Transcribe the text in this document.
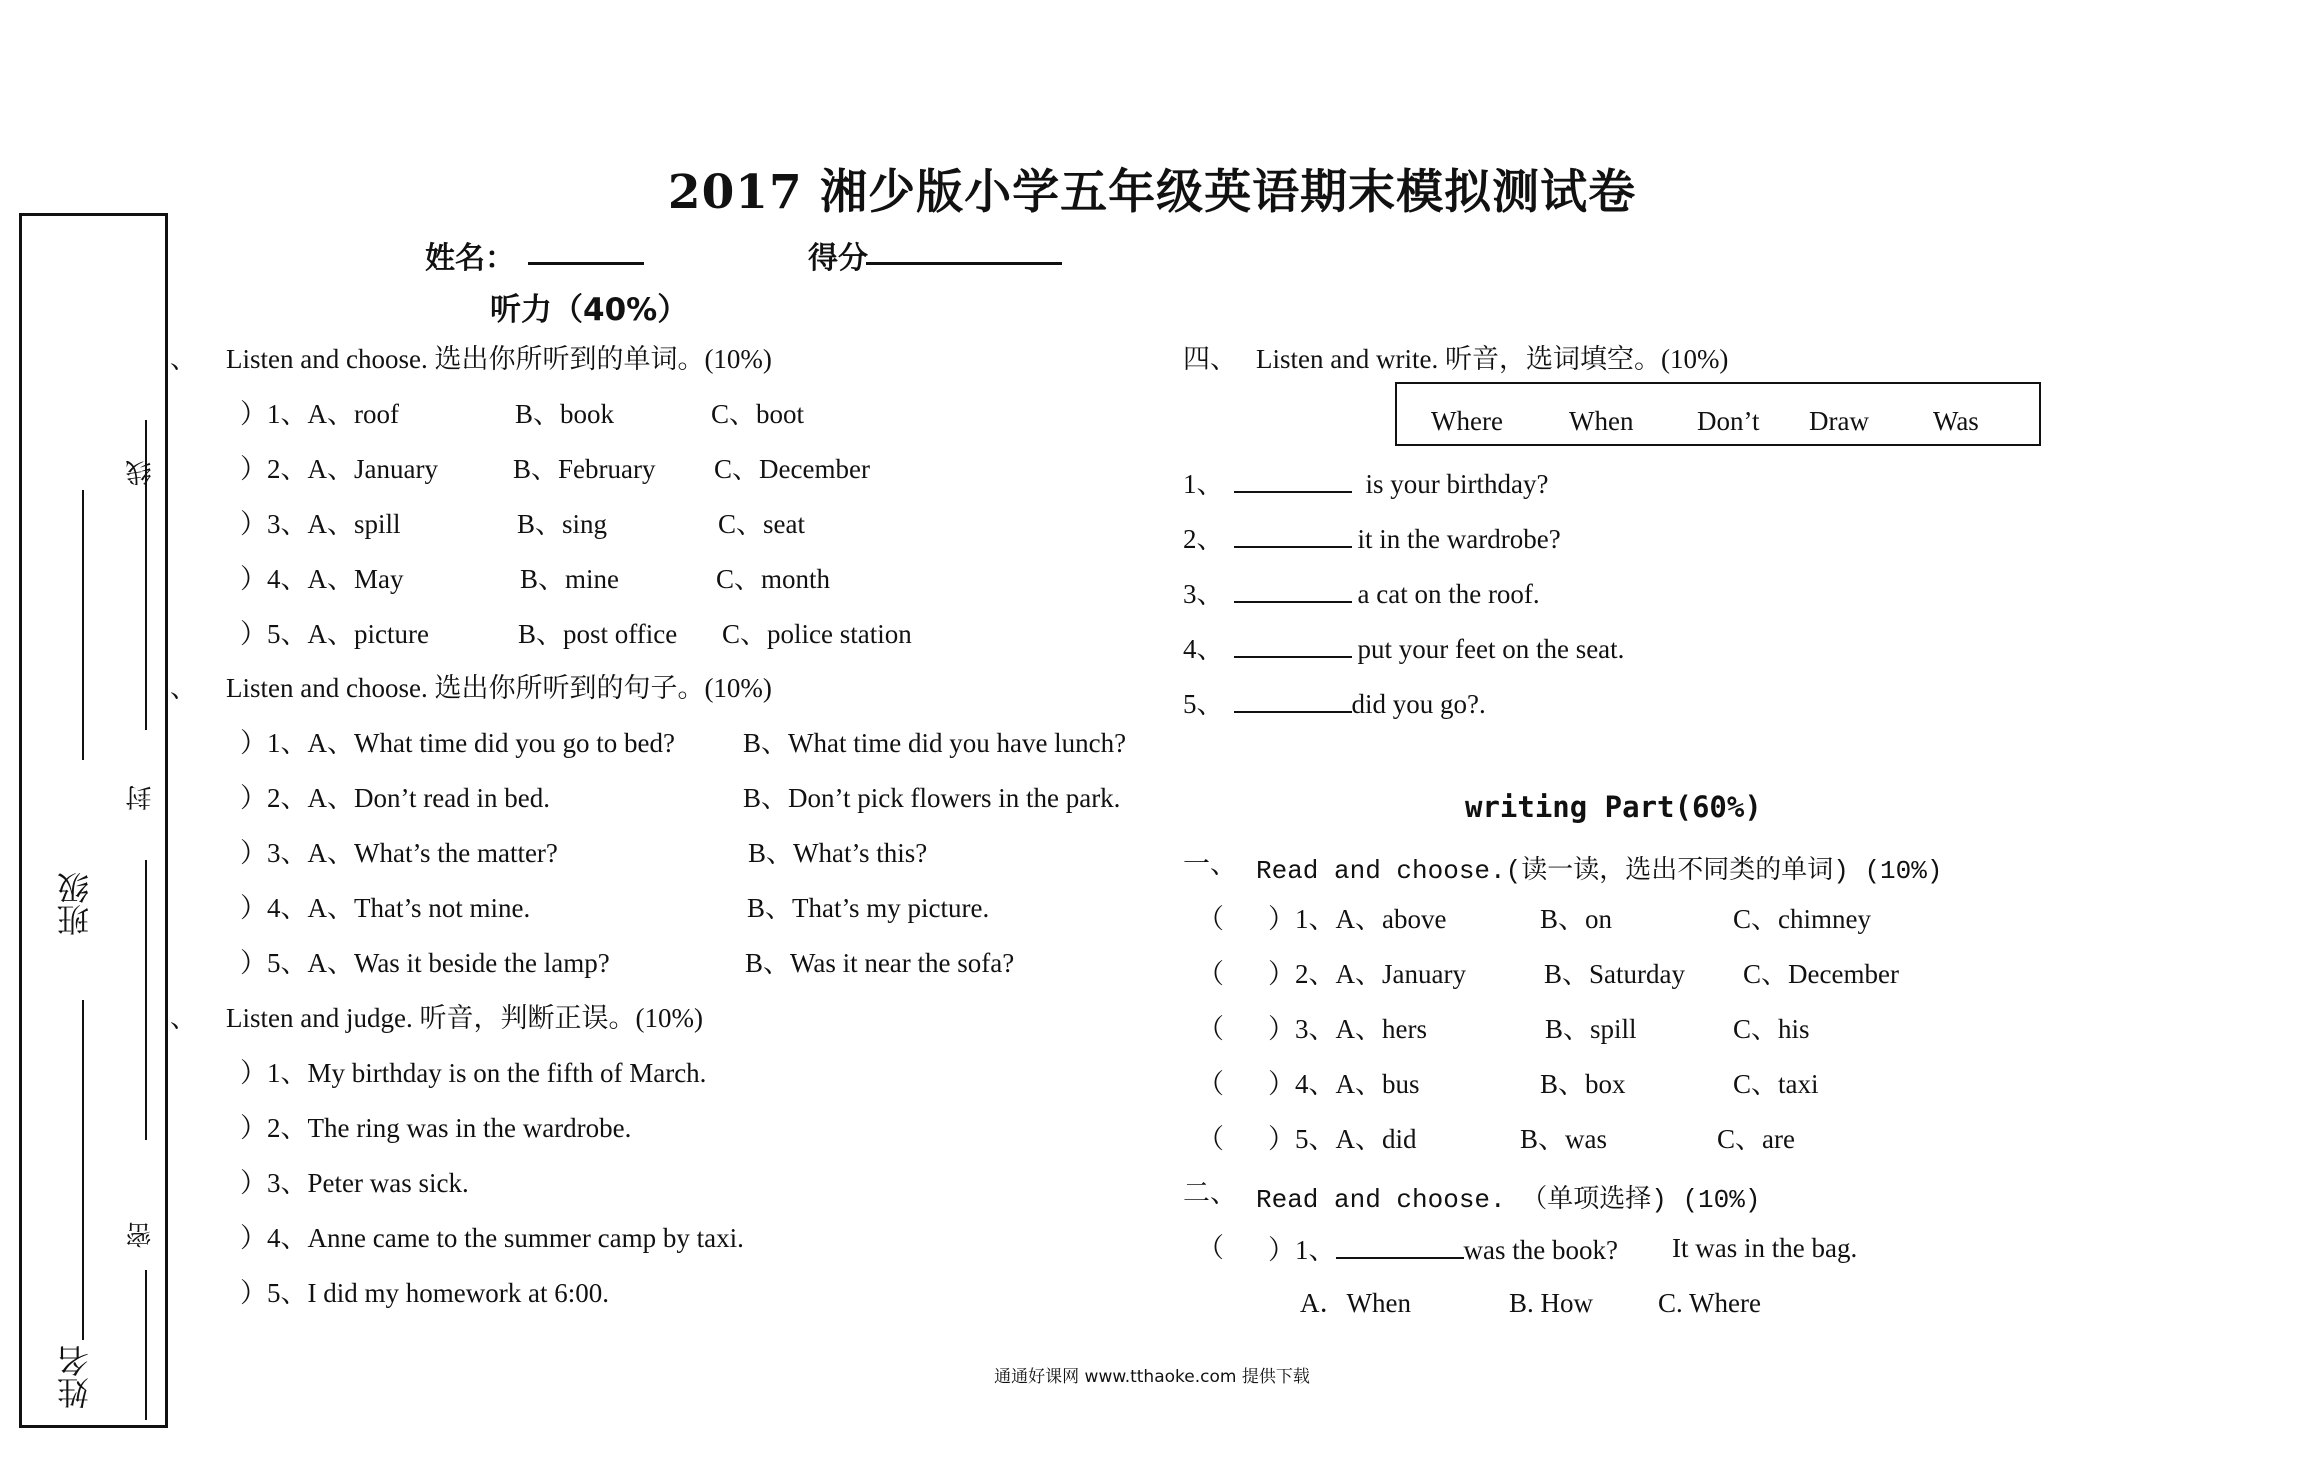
班级
姓名
线
封
密
2017 湘少版小学五年级英语期末模拟测试卷
姓名：	得分
听力（40%）
、 Listen and choose. 选出你所听到的单词。(10%)
）1、A、roof	B、book	C、boot
）2、A、January	B、February C、December
）3、A、spill	B、sing	C、seat
）4、A、May	B、mine	C、month
）5、A、picture	B、post office C、police station
、 Listen and choose. 选出你所听到的句子。(10%)
）1、A、What time did you go to bed?	B、What time did you have lunch?
）2、A、Don’t read in bed.	B、Don’t pick flowers in the park.
）3、A、What’s the matter?	B、What’s this?
）4、A、That’s not mine.	B、That’s my picture.
）5、A、Was it beside the lamp?	B、Was it near the sofa?
、 Listen and judge. 听音，判断正误。(10%)
）1、My birthday is on the fifth of March.
）2、The ring was in the wardrobe.
）3、Peter was sick.
）4、Anne came to the summer camp by taxi.
）5、I did my homework at 6:00.
四、 Listen and write. 听音，选词填空。(10%)
Where When Don’t Draw Was
1、	is your birthday?
2、	it in the wardrobe?
3、	a cat on the roof.
4、	put your feet on the seat.
5、	did you go?.
writing Part(60%)
一、 Read and choose.(读一读，选出不同类的单词) (10%)
（ ）1、A、above	B、on	C、chimney
（ ）2、A、January	B、Saturday C、December
（ ）3、A、hers	B、spill	C、his
（ ）4、A、bus	B、box	C、taxi
（ ）5、A、did	B、was	C、are
二、 Read and choose. （单项选择) (10%)
（ ）1、	was the book? It was in the bag.
A．When	B. How C. Where
通通好课网 www.tthaoke.com 提供下载
